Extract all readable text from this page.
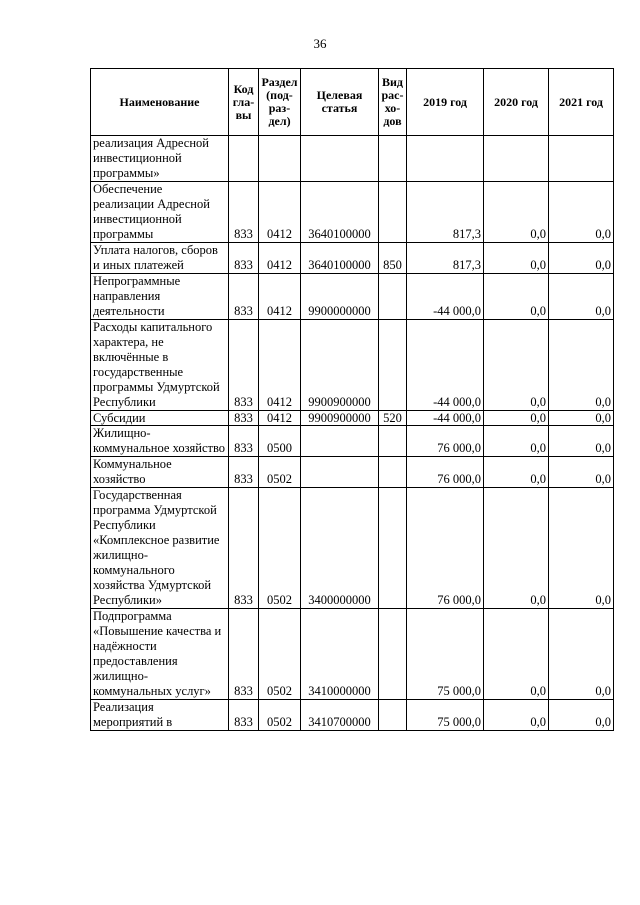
36
Наименование	Код гла-вы	Раздел (под-раз-дел)	Целевая статья	Вид рас-хо-дов	2019 год	2020 год	2021 год
реализация Адресной инвестиционной программы»							
Обеспечение реализации Адресной инвестиционной программы	833	0412	3640100000		817,3	0,0	0,0
Уплата налогов, сборов и иных платежей	833	0412	3640100000	850	817,3	0,0	0,0
Непрограммные направления деятельности	833	0412	9900000000		-44 000,0	0,0	0,0
Расходы капитального характера, не включённые в государственные программы Удмуртской Республики	833	0412	9900900000		-44 000,0	0,0	0,0
Субсидии	833	0412	9900900000	520	-44 000,0	0,0	0,0
Жилищно-коммунальное хозяйство	833	0500			76 000,0	0,0	0,0
Коммунальное хозяйство	833	0502			76 000,0	0,0	0,0
Государственная программа Удмуртской Республики «Комплексное развитие жилищно-коммунального хозяйства Удмуртской Республики»	833	0502	3400000000		76 000,0	0,0	0,0
Подпрограмма «Повышение качества и надёжности предоставления жилищно-коммунальных услуг»	833	0502	3410000000		75 000,0	0,0	0,0
Реализация мероприятий в	833	0502	3410700000		75 000,0	0,0	0,0
